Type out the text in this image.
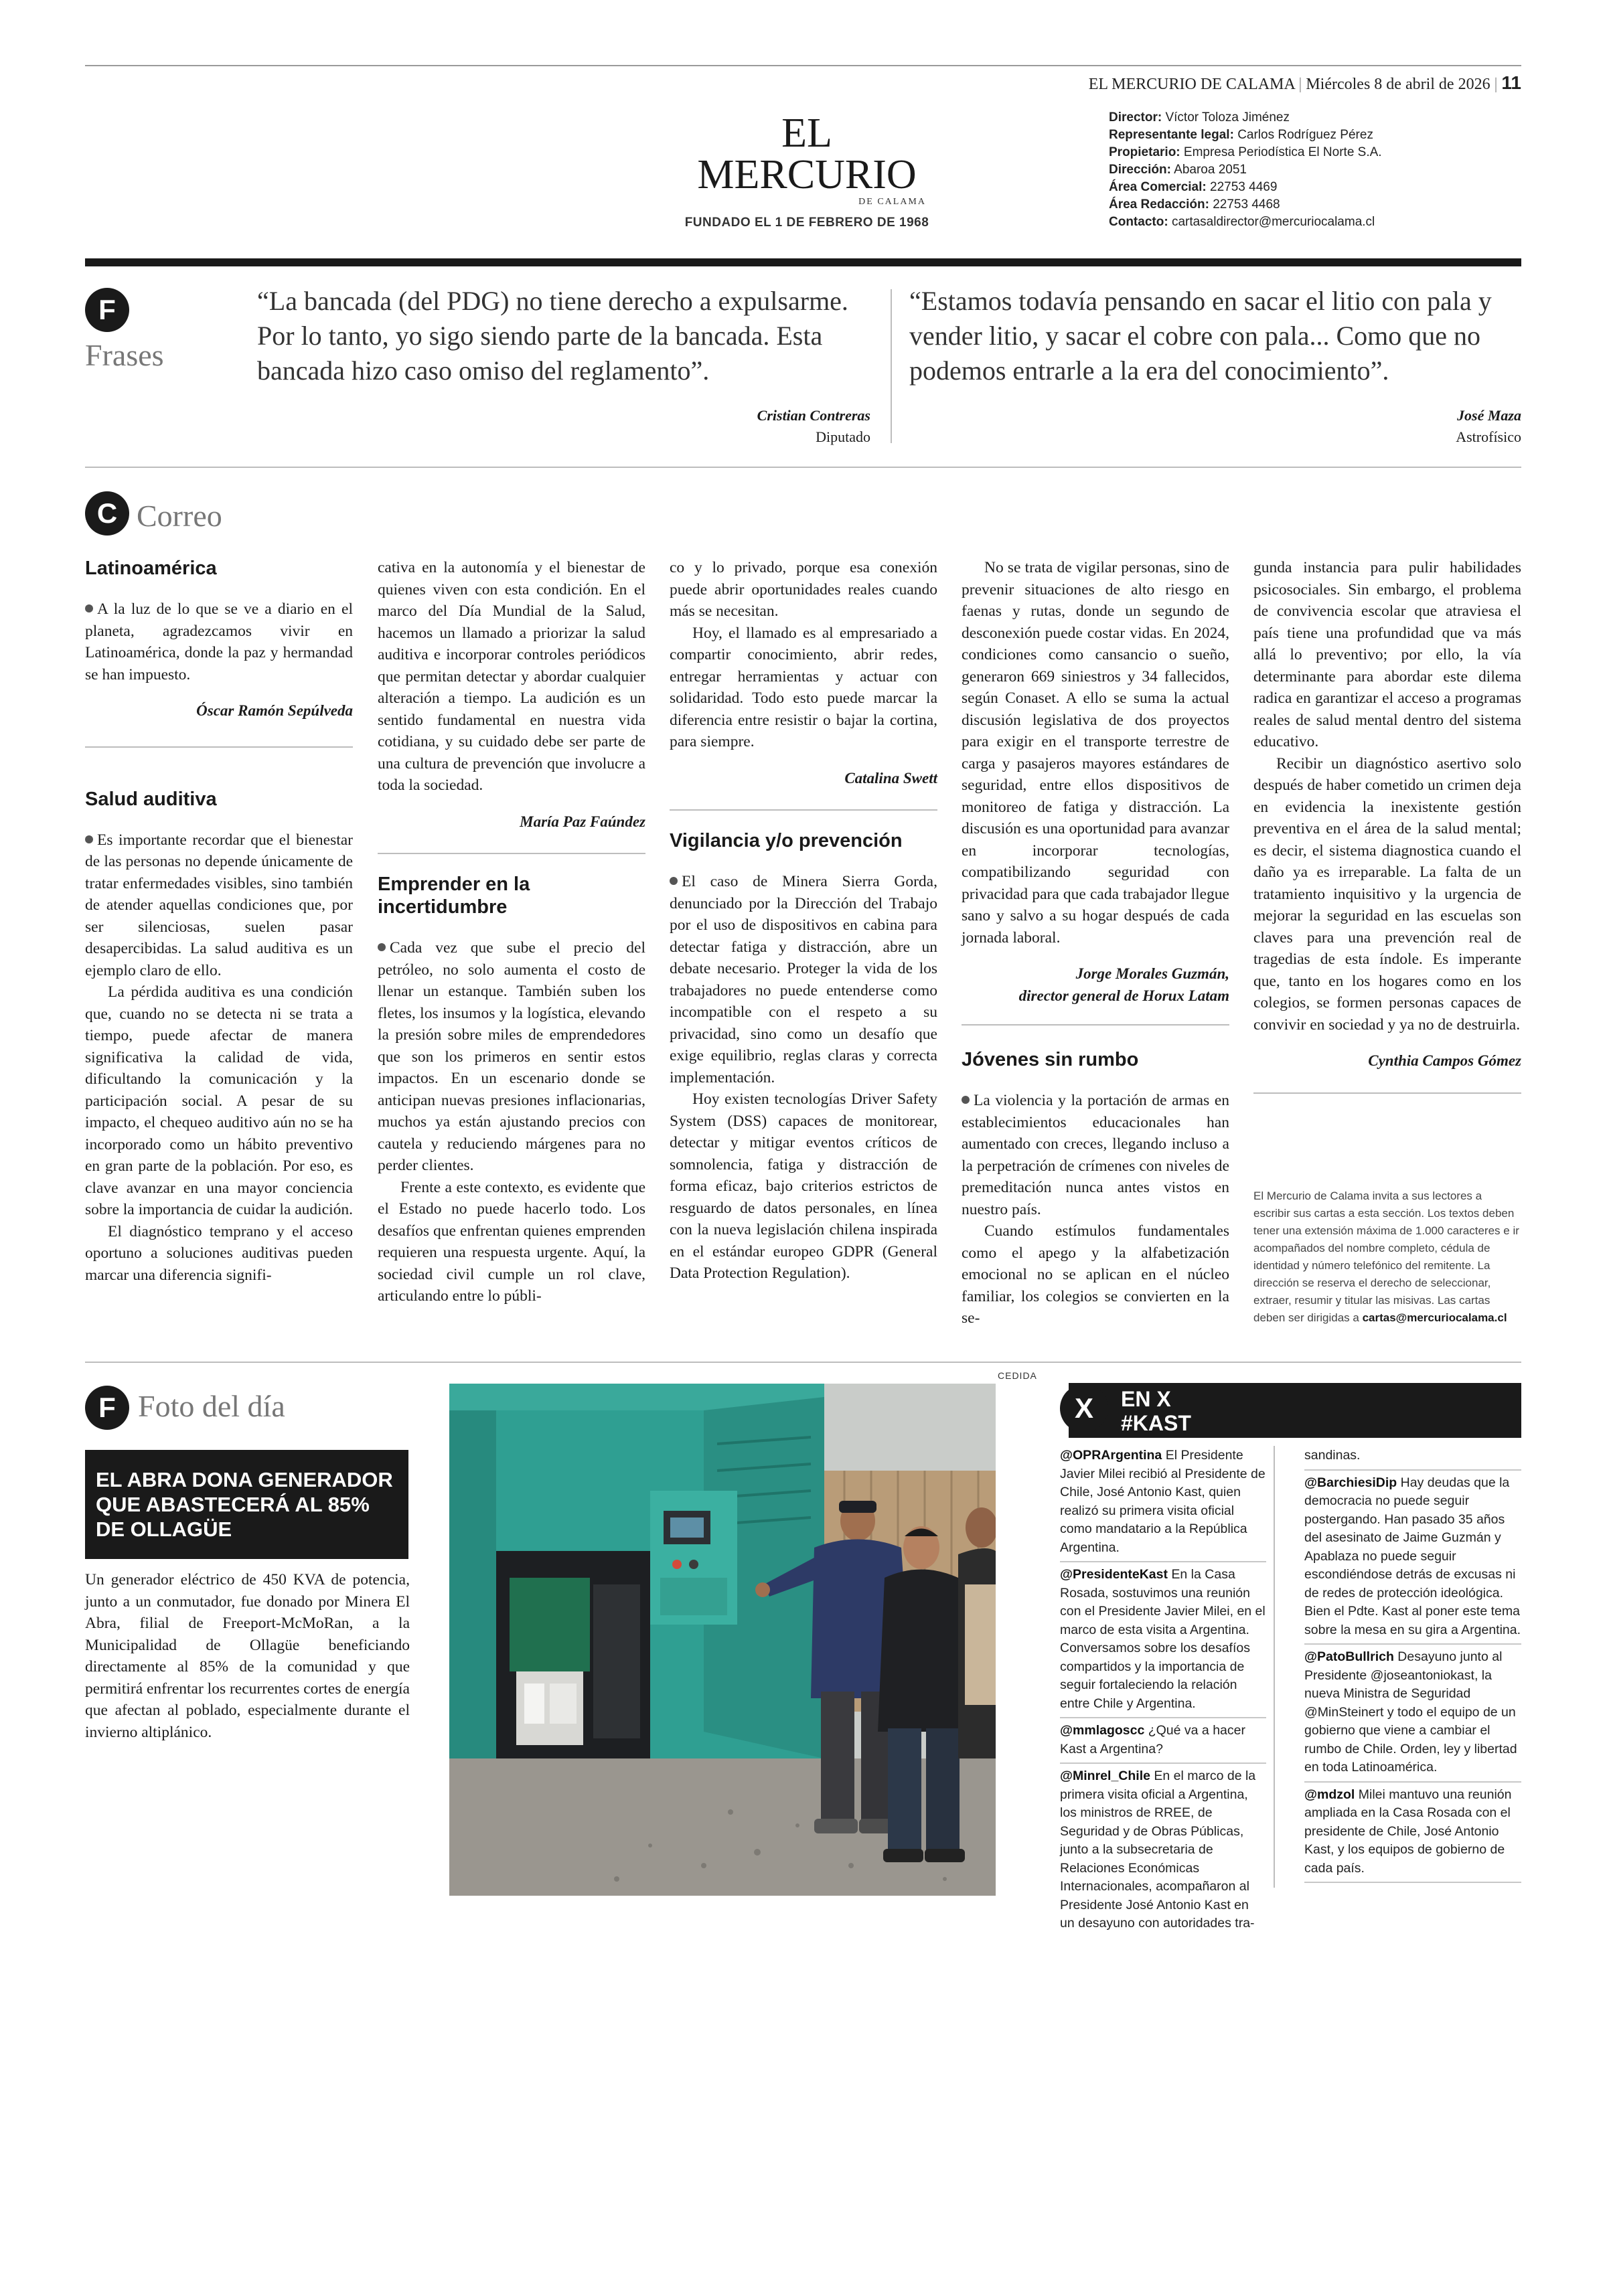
EL MERCURIO DE CALAMA | Miércoles 8 de abril de 2026 | 11
EL MERCURIO
DE CALAMA
FUNDADO EL 1 DE FEBRERO DE 1968
Director: Víctor Toloza Jiménez
Representante legal: Carlos Rodríguez Pérez
Propietario: Empresa Periodística El Norte S.A.
Dirección: Abaroa 2051
Área Comercial: 22753 4469
Área Redacción: 22753 4468
Contacto: cartasaldirector@mercuriocalama.cl
F
Frases
“La bancada (del PDG) no tiene derecho a expulsarme. Por lo tanto, yo sigo siendo parte de la bancada. Esta bancada hizo caso omiso del reglamento”.
Cristian Contreras
Diputado
“Estamos todavía pensando en sacar el litio con pala y vender litio, y sacar el cobre con pala... Como que no podemos entrarle a la era del conocimiento”.
José Maza
Astrofísico
C Correo
Latinoamérica

A la luz de lo que se ve a diario en el planeta, agradezcamos vivir en Latinoamérica, donde la paz y hermandad se han impuesto.

Óscar Ramón Sepúlveda

Salud auditiva

Es importante recordar que el bienestar de las personas no depende únicamente de tratar enfermedades visibles, sino también de atender aquellas condiciones que, por ser silenciosas, suelen pasar desapercibidas. La salud auditiva es un ejemplo claro de ello.

La pérdida auditiva es una condición que, cuando no se detecta ni se trata a tiempo, puede afectar de manera significativa la calidad de vida, dificultando la comunicación y la participación social. A pesar de su impacto, el chequeo auditivo aún no se ha incorporado como un hábito preventivo en gran parte de la población. Por eso, es clave avanzar en una mayor conciencia sobre la importancia de cuidar la audición.

El diagnóstico temprano y el acceso oportuno a soluciones auditivas pueden marcar una diferencia signifi-

cativa en la autonomía y el bienestar de quienes viven con esta condición. En el marco del Día Mundial de la Salud, hacemos un llamado a priorizar la salud auditiva e incorporar controles periódicos que permitan detectar y abordar cualquier alteración a tiempo. La audición es un sentido fundamental en nuestra vida cotidiana, y su cuidado debe ser parte de una cultura de prevención que involucre a toda la sociedad.

María Paz Faúndez

Emprender en la incertidumbre

Cada vez que sube el precio del petróleo, no solo aumenta el costo de llenar un estanque. También suben los fletes, los insumos y la logística, elevando la presión sobre miles de emprendedores que son los primeros en sentir estos impactos. En un escenario donde se anticipan nuevas presiones inflacionarias, muchos ya están ajustando precios con cautela y reduciendo márgenes para no perder clientes.

Frente a este contexto, es evidente que el Estado no puede hacerlo todo. Los desafíos que enfrentan quienes emprenden requieren una respuesta urgente. Aquí, la sociedad civil cumple un rol clave, articulando entre lo públi-

co y lo privado, porque esa conexión puede abrir oportunidades reales cuando más se necesitan.

Hoy, el llamado es al empresariado a compartir conocimiento, abrir redes, entregar herramientas y actuar con solidaridad. Todo esto puede marcar la diferencia entre resistir o bajar la cortina, para siempre.

Catalina Swett

Vigilancia y/o prevención

El caso de Minera Sierra Gorda, denunciado por la Dirección del Trabajo por el uso de dispositivos en cabina para detectar fatiga y distracción, abre un debate necesario. Proteger la vida de los trabajadores no puede entenderse como incompatible con el respeto a su privacidad, sino como un desafío que exige equilibrio, reglas claras y correcta implementación.

Hoy existen tecnologías Driver Safety System (DSS) capaces de monitorear, detectar y mitigar eventos críticos de somnolencia, fatiga y distracción de forma eficaz, bajo criterios estrictos de resguardo de datos personales, en línea con la nueva legislación chilena inspirada en el estándar europeo GDPR (General Data Protection Regulation).

No se trata de vigilar personas, sino de prevenir situaciones de alto riesgo en faenas y rutas, donde un segundo de desconexión puede costar vidas. En 2024, condiciones como cansancio o sueño, generaron 669 siniestros y 34 fallecidos, según Conaset. A ello se suma la actual discusión legislativa de dos proyectos para exigir en el transporte terrestre de carga y pasajeros mayores estándares de seguridad, entre ellos dispositivos de monitoreo de fatiga y distracción. La discusión es una oportunidad para avanzar en incorporar tecnologías, compatibilizando seguridad con privacidad para que cada trabajador llegue sano y salvo a su hogar después de cada jornada laboral.

Jorge Morales Guzmán,

director general de Horux Latam

Jóvenes sin rumbo

La violencia y la portación de armas en establecimientos educacionales han aumentado con creces, llegando incluso a la perpetración de crímenes con niveles de premeditación nunca antes vistos en nuestro país.

Cuando estímulos fundamentales como el apego y la alfabetización emocional no se aplican en el núcleo familiar, los colegios se convierten en la se-

gunda instancia para pulir habilidades psicosociales. Sin embargo, el problema de convivencia escolar que atraviesa el país tiene una profundidad que va más allá lo preventivo; por ello, la vía determinante para abordar este dilema radica en garantizar el acceso a programas reales de salud mental dentro del sistema educativo.

Recibir un diagnóstico asertivo solo después de haber cometido un crimen deja en evidencia la inexistente gestión preventiva en el área de la salud mental; es decir, el sistema diagnostica cuando el daño ya es irreparable. La falta de un tratamiento inquisitivo y la urgencia de mejorar la seguridad en las escuelas son claves para una prevención real de tragedias de esta índole. Es imperante que, tanto en los hogares como en los colegios, se formen personas capaces de convivir en sociedad y ya no de destruirla.

Cynthia Campos Gómez

El Mercurio de Calama invita a sus lectores a escribir sus cartas a esta sección. Los textos deben tener una extensión máxima de 1.000 caracteres e ir acompañados del nombre completo, cédula de identidad y número telefónico del remitente. La dirección se reserva el derecho de seleccionar, extraer, resumir y titular las misivas. Las cartas deben ser dirigidas a cartas@mercuriocalama.cl
F Foto del día
EL ABRA DONA GENERADOR QUE ABASTECERÁ AL 85% DE OLLAGÜE
Un generador eléctrico de 450 KVA de potencia, junto a un conmutador, fue donado por Minera El Abra, filial de Freeport-McMoRan, a la Municipalidad de Ollagüe beneficiando directamente al 85% de la comunidad y que permitirá enfrentar los recurrentes cortes de energía que afectan al poblado, especialmente durante el invierno altiplánico.
CEDIDA
EN X
#KAST
X
@OPRArgentina El Presidente Javier Milei recibió al Presidente de Chile, José Antonio Kast, quien realizó su primera visita oficial como mandatario a la República Argentina.
@PresidenteKast En la Casa Rosada, sostuvimos una reunión con el Presidente Javier Milei, en el marco de esta visita a Argentina. Conversamos sobre los desafíos compartidos y la importancia de seguir fortaleciendo la relación entre Chile y Argentina.
@mmlagoscc ¿Qué va a hacer Kast a Argentina?
@Minrel_Chile En el marco de la primera visita oficial a Argentina, los ministros de RREE, de Seguridad y de Obras Públicas, junto a la subsecretaria de Relaciones Económicas Internacionales, acompañaron al Presidente José Antonio Kast en un desayuno con autoridades tra-
sandinas.
@BarchiesiDip Hay deudas que la democracia no puede seguir postergando. Han pasado 35 años del asesinato de Jaime Guzmán y Apablaza no puede seguir escondiéndose detrás de excusas ni de redes de protección ideológica. Bien el Pdte. Kast al poner este tema sobre la mesa en su gira a Argentina.
@PatoBullrich Desayuno junto al Presidente @joseantoniokast, la nueva Ministra de Seguridad @MinSteinert y todo el equipo de un gobierno que viene a cambiar el rumbo de Chile. Orden, ley y libertad en toda Latinoamérica.
@mdzol Milei mantuvo una reunión ampliada en la Casa Rosada con el presidente de Chile, José Antonio Kast, y los equipos de gobierno de cada país.
